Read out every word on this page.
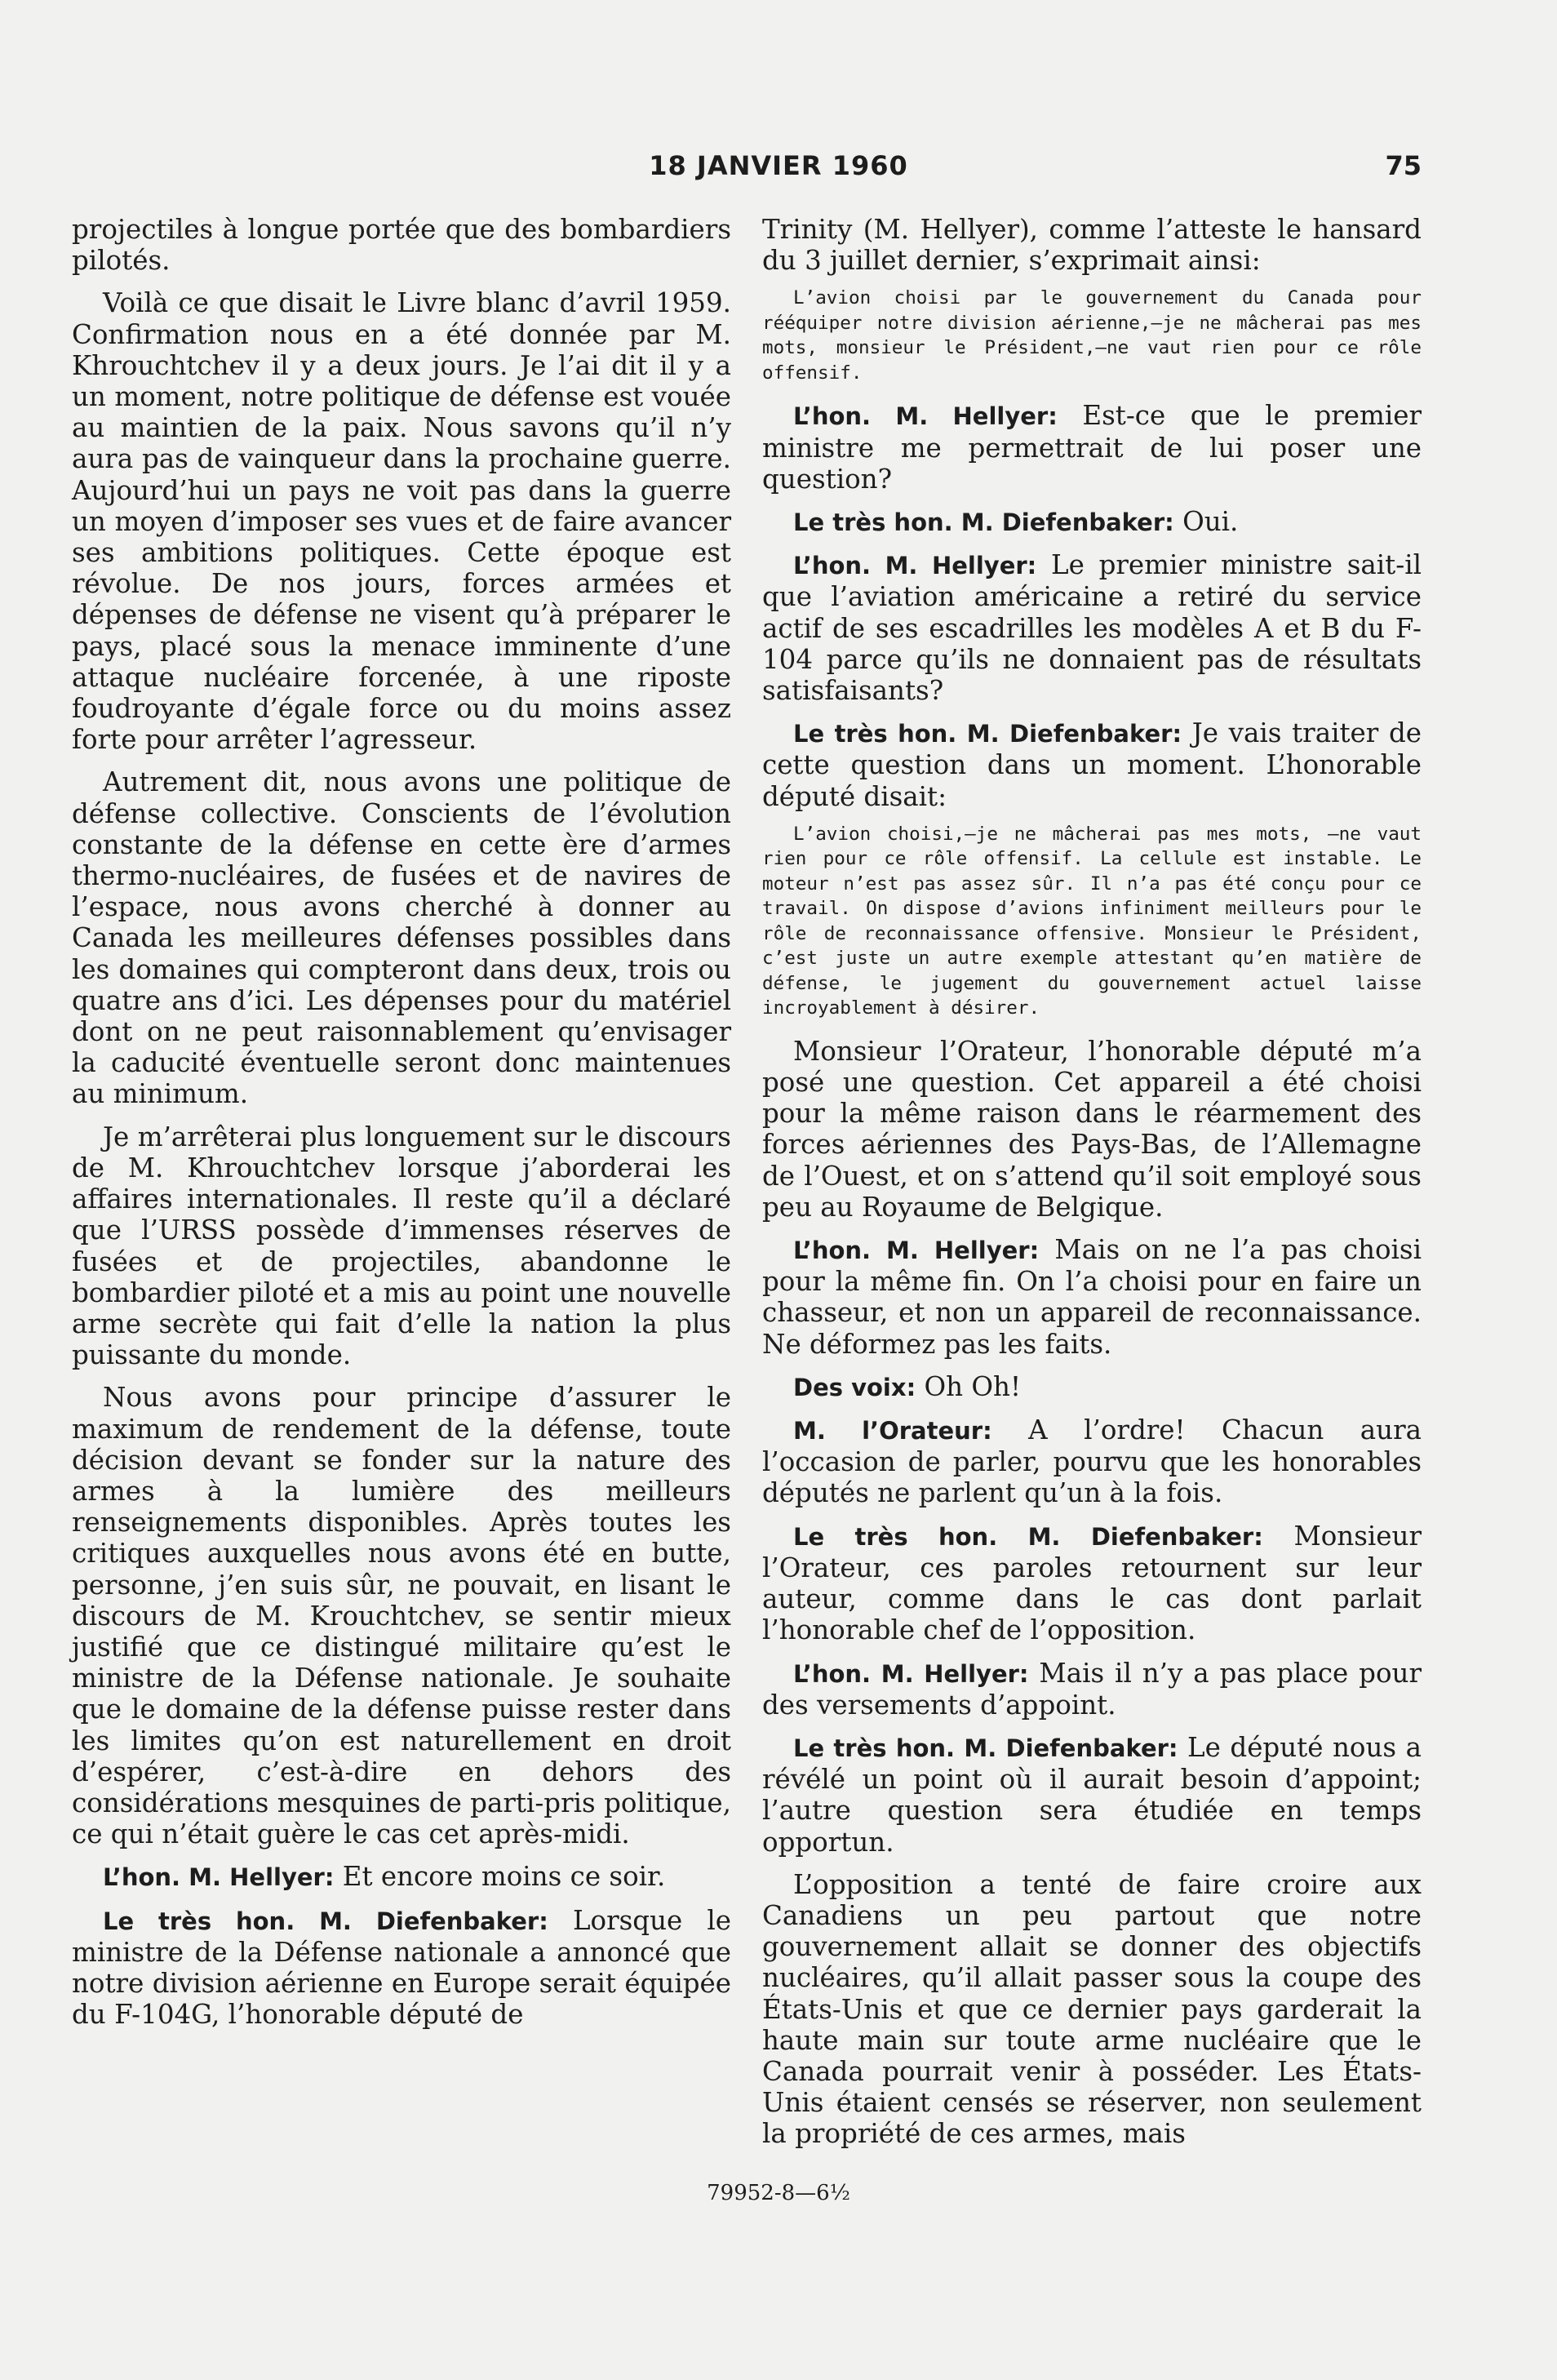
18 JANVIER 1960	75

projectiles à longue portée que des bombardiers pilotés.

Voilà ce que disait le Livre blanc d’avril 1959. Confirmation nous en a été donnée par M. Khrouchtchev il y a deux jours. Je l’ai dit il y a un moment, notre politique de défense est vouée au maintien de la paix. Nous savons qu’il n’y aura pas de vainqueur dans la prochaine guerre. Aujourd’hui un pays ne voit pas dans la guerre un moyen d’imposer ses vues et de faire avancer ses ambitions politiques. Cette époque est révolue. De nos jours, forces armées et dépenses de défense ne visent qu’à préparer le pays, placé sous la menace imminente d’une attaque nucléaire forcenée, à une riposte foudroyante d’égale force ou du moins assez forte pour arrêter l’agresseur.

Autrement dit, nous avons une politique de défense collective. Conscients de l’évolution constante de la défense en cette ère d’armes thermo-nucléaires, de fusées et de navires de l’espace, nous avons cherché à donner au Canada les meilleures défenses possibles dans les domaines qui compteront dans deux, trois ou quatre ans d’ici. Les dépenses pour du matériel dont on ne peut raisonnablement qu’envisager la caducité éventuelle seront donc maintenues au minimum.

Je m’arrêterai plus longuement sur le discours de M. Khrouchtchev lorsque j’aborderai les affaires internationales. Il reste qu’il a déclaré que l’URSS possède d’immenses réserves de fusées et de projectiles, abandonne le bombardier piloté et a mis au point une nouvelle arme secrète qui fait d’elle la nation la plus puissante du monde.

Nous avons pour principe d’assurer le maximum de rendement de la défense, toute décision devant se fonder sur la nature des armes à la lumière des meilleurs renseignements disponibles. Après toutes les critiques auxquelles nous avons été en butte, personne, j’en suis sûr, ne pouvait, en lisant le discours de M. Krouchtchev, se sentir mieux justifié que ce distingué militaire qu’est le ministre de la Défense nationale. Je souhaite que le domaine de la défense puisse rester dans les limites qu’on est naturellement en droit d’espérer, c’est-à-dire en dehors des considérations mesquines de parti-pris politique, ce qui n’était guère le cas cet après-midi.

L’hon. M. Hellyer: Et encore moins ce soir.

Le très hon. M. Diefenbaker: Lorsque le ministre de la Défense nationale a annoncé que notre division aérienne en Europe serait équipée du F-104G, l’honorable député de

Trinity (M. Hellyer), comme l’atteste le hansard du 3 juillet dernier, s’exprimait ainsi:

L’avion choisi par le gouvernement du Canada pour rééquiper notre division aérienne,—je ne mâcherai pas mes mots, monsieur le Président,—ne vaut rien pour ce rôle offensif.

L’hon. M. Hellyer: Est-ce que le premier ministre me permettrait de lui poser une question?

Le très hon. M. Diefenbaker: Oui.

L’hon. M. Hellyer: Le premier ministre sait-il que l’aviation américaine a retiré du service actif de ses escadrilles les modèles A et B du F-104 parce qu’ils ne donnaient pas de résultats satisfaisants?

Le très hon. M. Diefenbaker: Je vais traiter de cette question dans un moment. L’honorable député disait:

L’avion choisi,—je ne mâcherai pas mes mots, —ne vaut rien pour ce rôle offensif. La cellule est instable. Le moteur n’est pas assez sûr. Il n’a pas été conçu pour ce travail. On dispose d’avions infiniment meilleurs pour le rôle de reconnaissance offensive. Monsieur le Président, c’est juste un autre exemple attestant qu’en matière de défense, le jugement du gouvernement actuel laisse incroyablement à désirer.

Monsieur l’Orateur, l’honorable député m’a posé une question. Cet appareil a été choisi pour la même raison dans le réarmement des forces aériennes des Pays-Bas, de l’Allemagne de l’Ouest, et on s’attend qu’il soit employé sous peu au Royaume de Belgique.

L’hon. M. Hellyer: Mais on ne l’a pas choisi pour la même fin. On l’a choisi pour en faire un chasseur, et non un appareil de reconnaissance. Ne déformez pas les faits.

Des voix: Oh Oh!

M. l’Orateur: A l’ordre! Chacun aura l’occasion de parler, pourvu que les honorables députés ne parlent qu’un à la fois.

Le très hon. M. Diefenbaker: Monsieur l’Orateur, ces paroles retournent sur leur auteur, comme dans le cas dont parlait l’honorable chef de l’opposition.

L’hon. M. Hellyer: Mais il n’y a pas place pour des versements d’appoint.

Le très hon. M. Diefenbaker: Le député nous a révélé un point où il aurait besoin d’appoint; l’autre question sera étudiée en temps opportun.

L’opposition a tenté de faire croire aux Canadiens un peu partout que notre gouvernement allait se donner des objectifs nucléaires, qu’il allait passer sous la coupe des États-Unis et que ce dernier pays garderait la haute main sur toute arme nucléaire que le Canada pourrait venir à posséder. Les États-Unis étaient censés se réserver, non seulement la propriété de ces armes, mais

79952-8—6½
